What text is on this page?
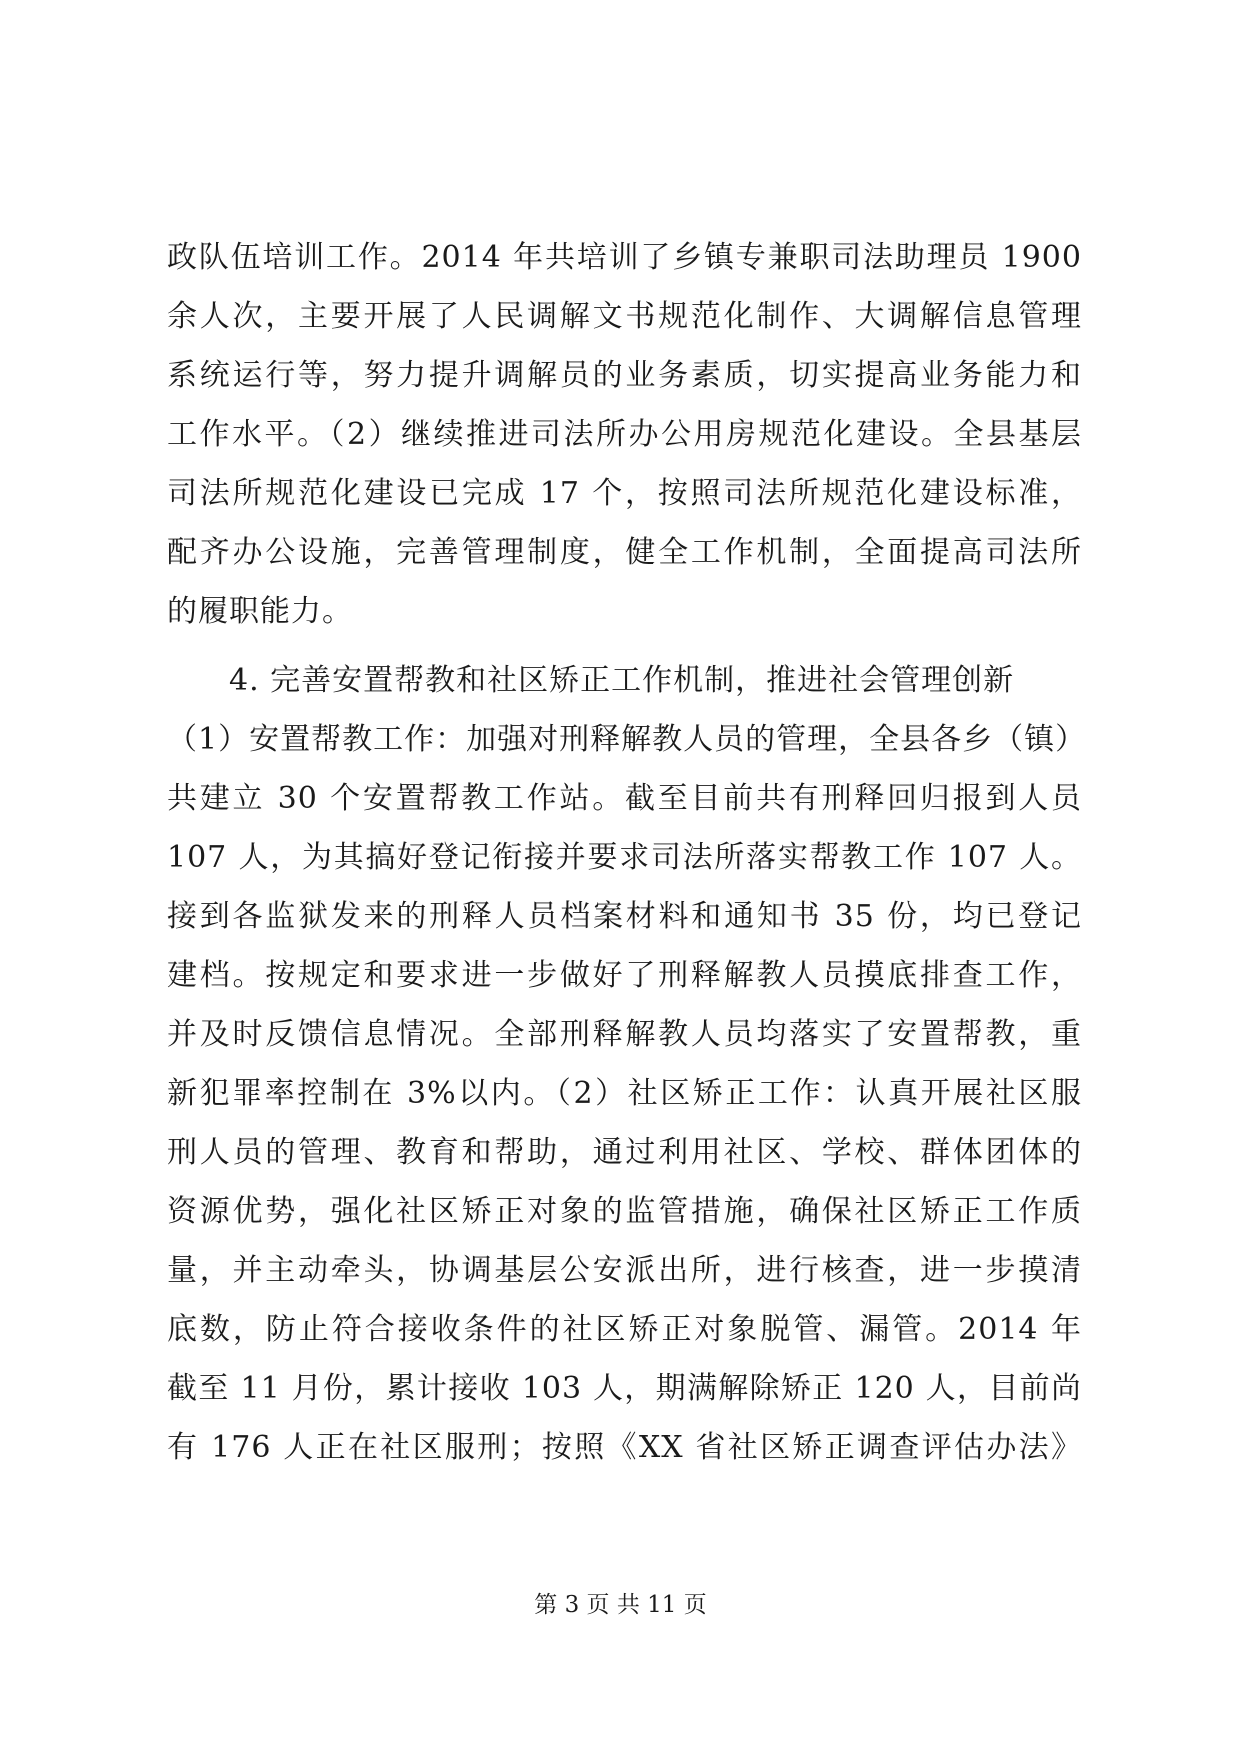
政队伍培训工作。2014 年共培训了乡镇专兼职司法助理员 1900
余人次，主要开展了人民调解文书规范化制作、大调解信息管理
系统运行等，努力提升调解员的业务素质，切实提高业务能力和
工作水平。（2）继续推进司法所办公用房规范化建设。全县基层
司法所规范化建设已完成 17 个，按照司法所规范化建设标准，
配齐办公设施，完善管理制度，健全工作机制，全面提高司法所
的履职能力。
4. 完善安置帮教和社区矫正工作机制，推进社会管理创新
（1）安置帮教工作：加强对刑释解教人员的管理，全县各乡（镇）
共建立 30 个安置帮教工作站。截至目前共有刑释回归报到人员
107 人，为其搞好登记衔接并要求司法所落实帮教工作 107 人。
接到各监狱发来的刑释人员档案材料和通知书 35 份，均已登记
建档。按规定和要求进一步做好了刑释解教人员摸底排查工作，
并及时反馈信息情况。全部刑释解教人员均落实了安置帮教，重
新犯罪率控制在 3%以内。（2）社区矫正工作：认真开展社区服
刑人员的管理、教育和帮助，通过利用社区、学校、群体团体的
资源优势，强化社区矫正对象的监管措施，确保社区矫正工作质
量，并主动牵头，协调基层公安派出所，进行核查，进一步摸清
底数，防止符合接收条件的社区矫正对象脱管、漏管。2014 年
截至 11 月份，累计接收 103 人，期满解除矫正 120 人，目前尚
有 176 人正在社区服刑；按照《XX 省社区矫正调查评估办法》
第 3 页 共 11 页
